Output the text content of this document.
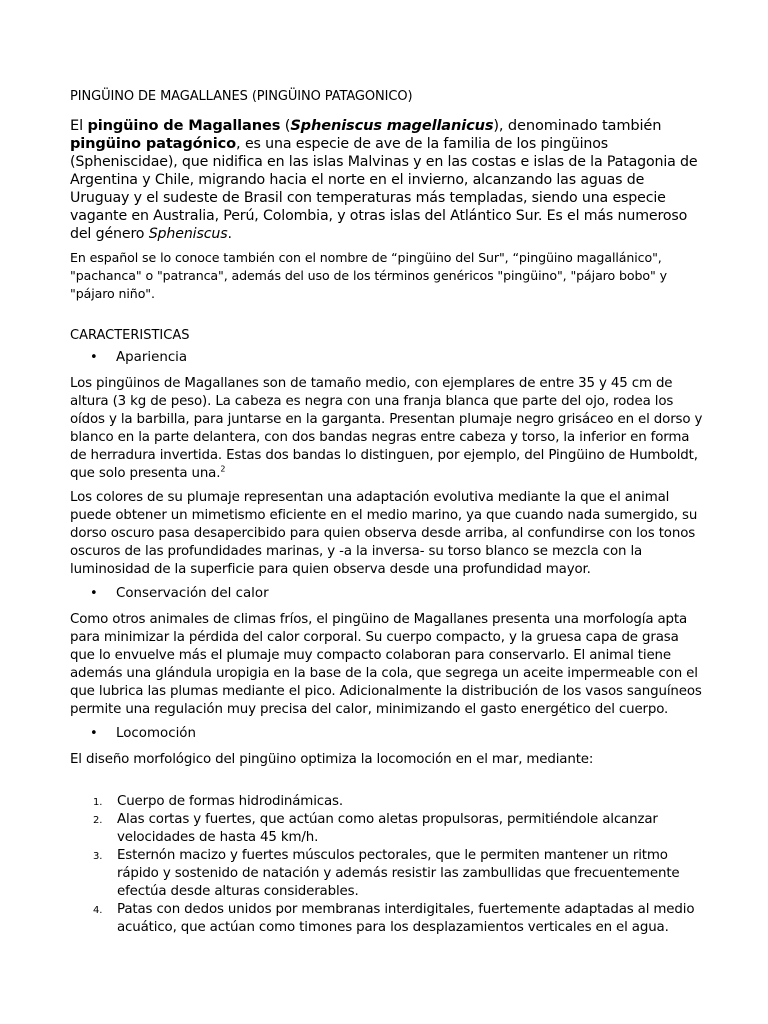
PINGÜINO DE MAGALLANES (PINGÜINO PATAGONICO)
El pingüino de Magallanes (Spheniscus magellanicus), denominado también pingüino patagónico, es una especie de ave de la familia de los pingüinos (Spheniscidae), que nidifica en las islas Malvinas y en las costas e islas de la Patagonia de Argentina y Chile, migrando hacia el norte en el invierno, alcanzando las aguas de Uruguay y el sudeste de Brasil con temperaturas más templadas, siendo una especie vagante en Australia, Perú, Colombia, y otras islas del Atlántico Sur. Es el más numeroso del género Spheniscus.
En español se lo conoce también con el nombre de “pingüino del Sur", “pingüino magallánico", "pachanca" o "patranca", además del uso de los términos genéricos "pingüino", "pájaro bobo" y "pájaro niño".
CARACTERISTICAS
• Apariencia
Los pingüinos de Magallanes son de tamaño medio, con ejemplares de entre 35 y 45 cm de altura (3 kg de peso). La cabeza es negra con una franja blanca que parte del ojo, rodea los oídos y la barbilla, para juntarse en la garganta. Presentan plumaje negro grisáceo en el dorso y blanco en la parte delantera, con dos bandas negras entre cabeza y torso, la inferior en forma de herradura invertida. Estas dos bandas lo distinguen, por ejemplo, del Pingüino de Humboldt, que solo presenta una.$^2$
Los colores de su plumaje representan una adaptación evolutiva mediante la que el animal puede obtener un mimetismo eficiente en el medio marino, ya que cuando nada sumergido, su dorso oscuro pasa desapercibido para quien observa desde arriba, al confundirse con los tonos oscuros de las profundidades marinas, y -a la inversa- su torso blanco se mezcla con la luminosidad de la superficie para quien observa desde una profundidad mayor.
• Conservación del calor
Como otros animales de climas fríos, el pingüino de Magallanes presenta una morfología apta para minimizar la pérdida del calor corporal. Su cuerpo compacto, y la gruesa capa de grasa que lo envuelve más el plumaje muy compacto colaboran para conservarlo. El animal tiene además una glándula uropigia en la base de la cola, que segrega un aceite impermeable con el que lubrica las plumas mediante el pico. Adicionalmente la distribución de los vasos sanguíneos permite una regulación muy precisa del calor, minimizando el gasto energético del cuerpo.
• Locomoción
El diseño morfológico del pingüino optimiza la locomoción en el mar, mediante:
1. Cuerpo de formas hidrodinámicas.
2. Alas cortas y fuertes, que actúan como aletas propulsoras, permitiéndole alcanzar velocidades de hasta 45 km/h.
3. Esternón macizo y fuertes músculos pectorales, que le permiten mantener un ritmo rápido y sostenido de natación y además resistir las zambullidas que frecuentemente efectúa desde alturas considerables.
4. Patas con dedos unidos por membranas interdigitales, fuertemente adaptadas al medio acuático, que actúan como timones para los desplazamientos verticales en el agua.
